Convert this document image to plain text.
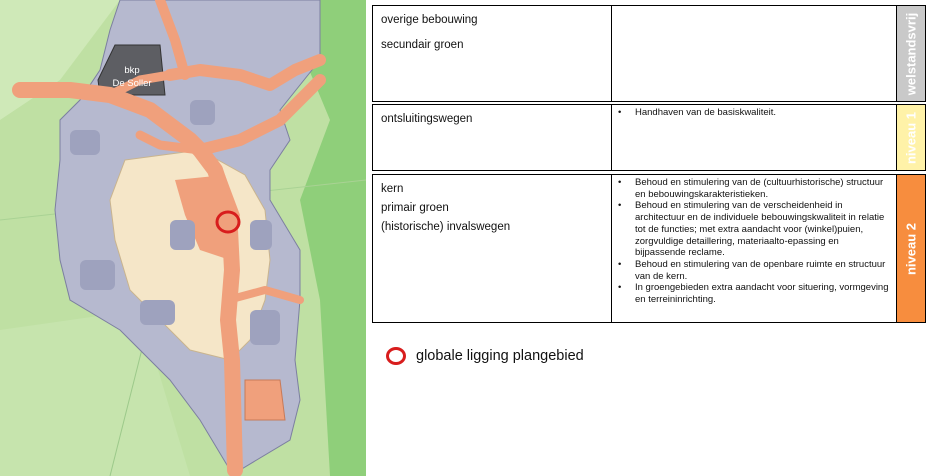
bkp
De Soller

overige bebouwing

secundair groen	welstandsvrij

ontsluitingswegen

• Handhaven van de basiskwaliteit.	niveau 1

kern

primair groen

(historische) invalswegen

• Behoud en stimulering van de (cultuurhistorische) structuur en bebouwingskarakteristieken.
• Behoud en stimulering van de verscheidenheid in architectuur en de individuele bebouwingskwaliteit in relatie tot de functies; met extra aandacht voor (winkel)puien, zorgvuldige detaillering, materiaalto-epassing en bijpassende reclame.
• Behoud en stimulering van de openbare ruimte en structuur van de kern.
• In groengebieden extra aandacht voor situering, vormgeving en terreininrichting.
niveau 2
globale ligging plangebied
